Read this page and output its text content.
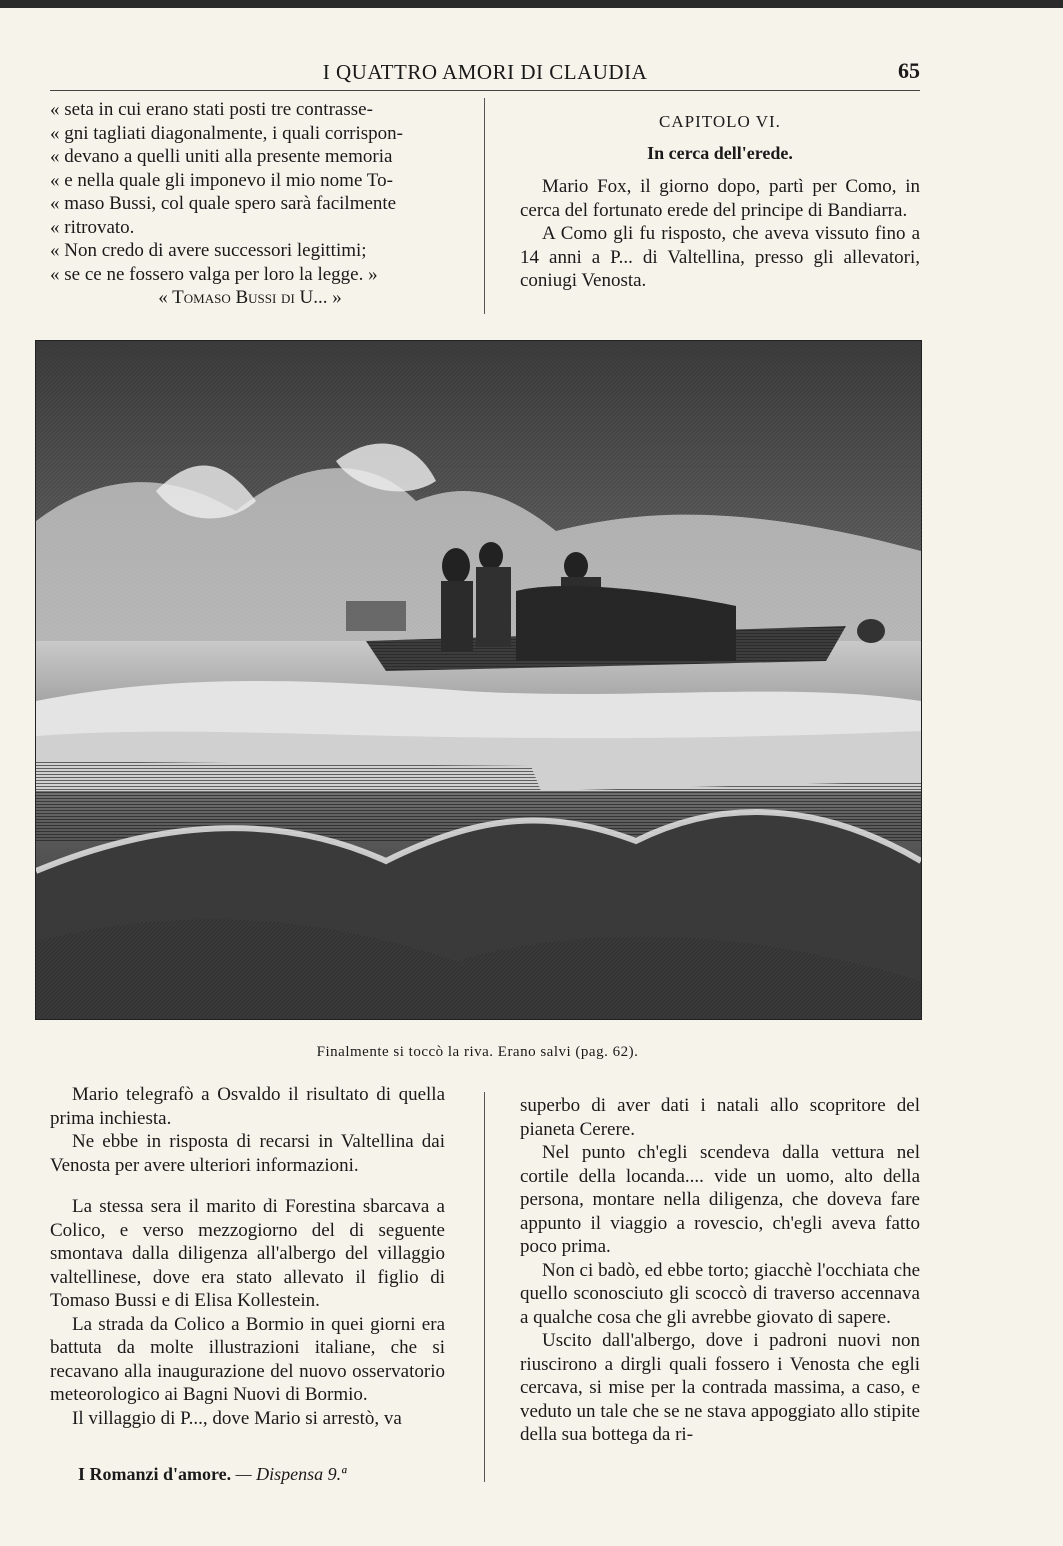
I QUATTRO AMORI DI CLAUDIA	65

« seta in cui erano stati posti tre contrasse-

« gni tagliati diagonalmente, i quali corrispon-

« devano a quelli uniti alla presente memoria

« e nella quale gli imponevo il mio nome To-

« maso Bussi, col quale spero sarà facilmente

« ritrovato.

« Non credo di avere successori legittimi;

« se ce ne fossero valga per loro la legge. »

« Tomaso Bussi di U... »

CAPITOLO VI.
In cerca dell'erede.

Mario Fox, il giorno dopo, partì per Como, in cerca del fortunato erede del principe di Bandiarra.

A Como gli fu risposto, che aveva vissuto fino a 14 anni a P... di Valtellina, presso gli allevatori, coniugi Venosta.

Finalmente si toccò la riva. Erano salvi (pag. 62).

Mario telegrafò a Osvaldo il risultato di quella prima inchiesta.

Ne ebbe in risposta di recarsi in Valtellina dai Venosta per avere ulteriori informazioni.

La stessa sera il marito di Forestina sbarcava a Colico, e verso mezzogiorno del di seguente smontava dalla diligenza all'albergo del villaggio valtellinese, dove era stato allevato il figlio di Tomaso Bussi e di Elisa Kollestein.

La strada da Colico a Bormio in quei giorni era battuta da molte illustrazioni italiane, che si recavano alla inaugurazione del nuovo osservatorio meteorologico ai Bagni Nuovi di Bormio.

Il villaggio di P..., dove Mario si arrestò, va

superbo di aver dati i natali allo scopritore del pianeta Cerere.

Nel punto ch'egli scendeva dalla vettura nel cortile della locanda.... vide un uomo, alto della persona, montare nella diligenza, che doveva fare appunto il viaggio a rovescio, ch'egli aveva fatto poco prima.

Non ci badò, ed ebbe torto; giacchè l'occhiata che quello sconosciuto gli scoccò di traverso accennava a qualche cosa che gli avrebbe giovato di sapere.

Uscito dall'albergo, dove i padroni nuovi non riuscirono a dirgli quali fossero i Venosta che egli cercava, si mise per la contrada massima, a caso, e veduto un tale che se ne stava appoggiato allo stipite della sua bottega da ri-

I Romanzi d'amore. — Dispensa 9.ª
